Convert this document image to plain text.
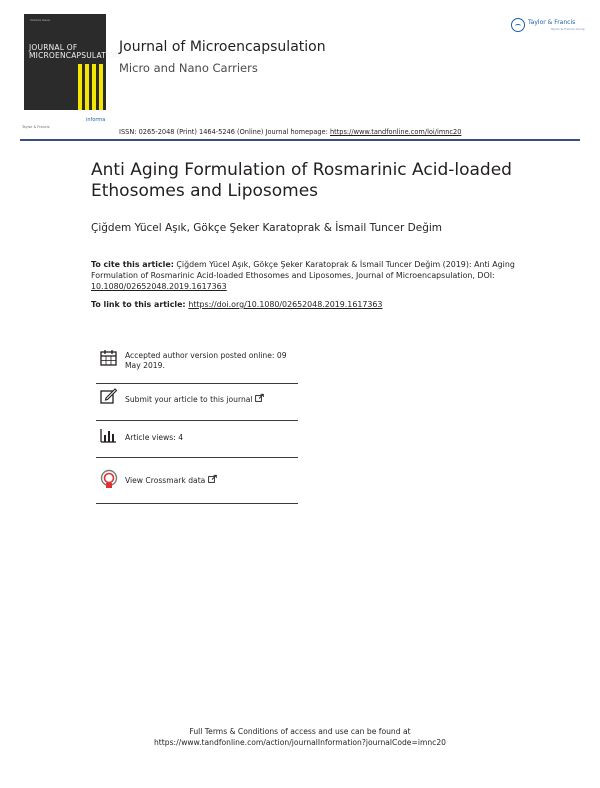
Volume Issue
JOURNAL OF
MICROENCAPSULATION
Taylor & Francis
informa
Journal of Microencapsulation
Micro and Nano Carriers
Taylor & Francis
Taylor & Francis Group
ISSN: 0265-2048 (Print) 1464-5246 (Online) Journal homepage: https://www.tandfonline.com/loi/imnc20
Anti Aging Formulation of Rosmarinic Acid-loaded Ethosomes and Liposomes
Çiğdem Yücel Aşık, Gökçe Şeker Karatoprak & İsmail Tuncer Değim
To cite this article: Çiğdem Yücel Aşık, Gökçe Şeker Karatoprak & İsmail Tuncer Değim (2019): Anti Aging Formulation of Rosmarinic Acid-loaded Ethosomes and Liposomes, Journal of Microencapsulation, DOI: 10.1080/02652048.2019.1617363
To link to this article: https://doi.org/10.1080/02652048.2019.1617363
Accepted author version posted online: 09 May 2019.
Submit your article to this journal
Article views: 4
View Crossmark data
Full Terms & Conditions of access and use can be found at
https://www.tandfonline.com/action/journalInformation?journalCode=imnc20
